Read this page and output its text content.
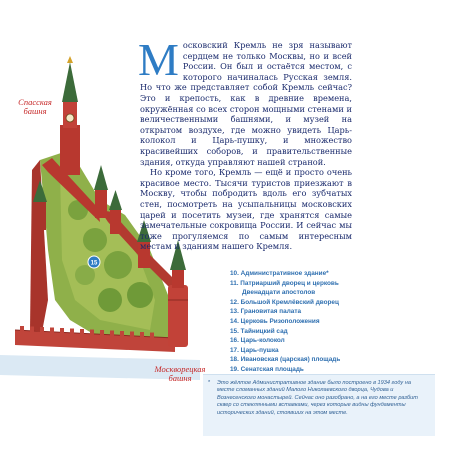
15
Спасская башня
Москворецкая башня
М осковский Кремль не зря называют сердцем не только Москвы, но и всей России. Он был и остаётся местом, с которого начиналась Русская земля. Но что же представляет собой Кремль сейчас? Это и крепость, как в древние времена, окружённая со всех сторон мощными стенами и величественными башнями, и музей на открытом воздухе, где можно увидеть Царь-колокол и Царь-пушку, и множество красивейших соборов, и правительственные здания, откуда управляют нашей страной.

Но кроме того, Кремль — ещё и просто очень красивое место. Тысячи туристов приезжают в Москву, чтобы побродить вдоль его зубчатых стен, посмотреть на усыпальницы московских царей и посетить музеи, где хранятся самые замечательные сокровища России. И сейчас мы тоже прогуляемся по самым интересным местам и зданиям нашего Кремля.

10. Административное здание*
11. Патриарший дворец и церковь
Двенадцати апостолов
12. Большой Кремлёвский дворец
13. Грановитая палата
14. Церковь Ризоположения
15. Тайницкий сад
16. Царь-колокол
17. Царь-пушка
18. Ивановская (царская) площадь
19. Сенатская площадь
* Это жёлтое Административное здание было построено в 1934 году на месте сломанных зданий Малого Николаевского дворца, Чудова и Вознесенского монастырей. Сейчас оно разобрано, а на его месте разбит сквер со стеклянными вставками, через которые видны фундаменты исторических зданий, стоявших на этом месте.
